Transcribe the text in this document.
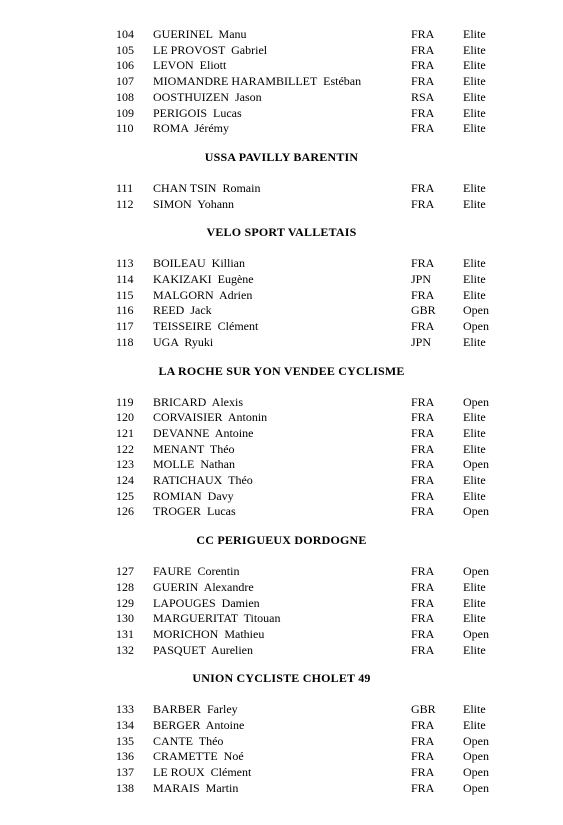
104 GUERINEL  Manu	FRA Elite
105 LE PROVOST  Gabriel	FRA Elite
106 LEVON  Eliott	FRA Elite
107 MIOMANDRE HARAMBILLET  Estéban	FRA Elite
108 OOSTHUIZEN  Jason	RSA Elite
109 PERIGOIS  Lucas	FRA Elite
110 ROMA  Jérémy	FRA Elite
USSA PAVILLY BARENTIN
111 CHAN TSIN  Romain	FRA Elite
112 SIMON  Yohann	FRA Elite
VELO SPORT VALLETAIS
113 BOILEAU  Killian	FRA Elite
114 KAKIZAKI  Eugène	JPN	Elite
115 MALGORN  Adrien	FRA Elite
116 REED  Jack	GBR Open
117 TEISSEIRE  Clément	FRA Open
118 UGA  Ryuki	JPN	Elite
LA ROCHE SUR YON VENDEE CYCLISME
119 BRICARD  Alexis	FRA Open
120 CORVAISIER  Antonin	FRA Elite
121 DEVANNE  Antoine	FRA Elite
122 MENANT  Théo	FRA Elite
123 MOLLE  Nathan	FRA Open
124 RATICHAUX  Théo	FRA Elite
125 ROMIAN  Davy	FRA Elite
126 TROGER  Lucas	FRA Open
CC PERIGUEUX DORDOGNE
127 FAURE  Corentin	FRA Open
128 GUERIN  Alexandre	FRA Elite
129 LAPOUGES  Damien	FRA Elite
130 MARGUERITAT  Titouan	FRA Elite
131 MORICHON  Mathieu	FRA Open
132 PASQUET  Aurelien	FRA Elite
UNION CYCLISTE CHOLET 49
133 BARBER  Farley	GBR Elite
134 BERGER  Antoine	FRA Elite
135 CANTE  Théo	FRA Open
136 CRAMETTE  Noé	FRA Open
137 LE ROUX  Clément	FRA Open
138 MARAIS  Martin	FRA Open
